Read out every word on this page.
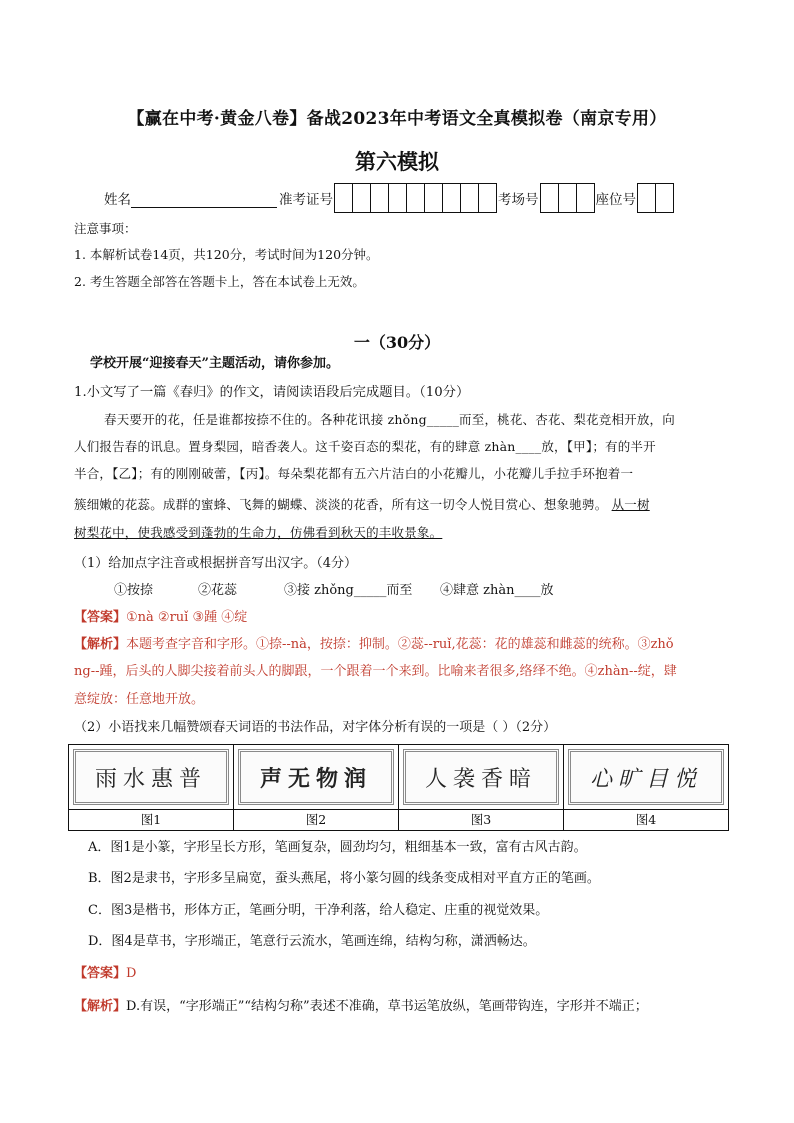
【赢在中考·黄金八卷】备战2023年中考语文全真模拟卷（南京专用）
第六模拟
姓名	准考证号	考场号	座位号
注意事项：
1. 本解析试卷14页，共120分，考试时间为120分钟。
2. 考生答题全部答在答题卡上，答在本试卷上无效。
一（30分）
学校开展“迎接春天”主题活动，请你参加。
1.小文写了一篇《春归》的作文，请阅读语段后完成题目。（10分）
春天要开的花，任是谁都按捺不住的。各种花讯接 zhǒng_____而至，桃花、杏花、梨花竞相开放，向
人们报告春的讯息。置身梨园，暗香袭人。这千姿百态的梨花，有的肆意 zhàn____放，【甲】；有的半开
半合，【乙】；有的刚刚破蕾，【丙】。每朵梨花都有五六片洁白的小花瓣儿，小花瓣儿手拉手环抱着一
簇细嫩的花蕊。成群的蜜蜂、飞舞的蝴蝶、淡淡的花香，所有这一切令人悦目赏心、想象驰骋。 从一树
树梨花中，使我感受到蓬勃的生命力，仿佛看到秋天的丰收景象。
（1）给加点字注音或根据拼音写出汉字。（4分）
①按捺	②花蕊	③接 zhǒng_____而至 ④肆意 zhàn____放
【答案】①nà ②ruǐ ③踵 ④绽
【解析】本题考查字音和字形。①捺--nà，按捺：抑制。②蕊--ruǐ,花蕊：花的雄蕊和雌蕊的统称。③zhǒ
ng--踵，后头的人脚尖接着前头人的脚跟，一个跟着一个来到。比喻来者很多,络绎不绝。④zhàn--绽，肆
意绽放：任意地开放。
（2）小语找来几幅赞颂春天词语的书法作品，对字体分析有误的一项是（ ）（2分）
雨水惠普	声无物润	人袭香暗	心旷目悦

图1	图2	图3	图4
A．图1是小篆，字形呈长方形，笔画复杂，圆劲均匀，粗细基本一致，富有古风古韵。
B．图2是隶书，字形多呈扁宽，蚕头燕尾，将小篆匀圆的线条变成相对平直方正的笔画。
C．图3是楷书，形体方正，笔画分明，干净利落，给人稳定、庄重的视觉效果。
D．图4是草书，字形端正，笔意行云流水，笔画连绵，结构匀称，潇洒畅达。
【答案】D
【解析】D.有误，“字形端正”“结构匀称”表述不准确，草书运笔放纵，笔画带钩连，字形并不端正；
